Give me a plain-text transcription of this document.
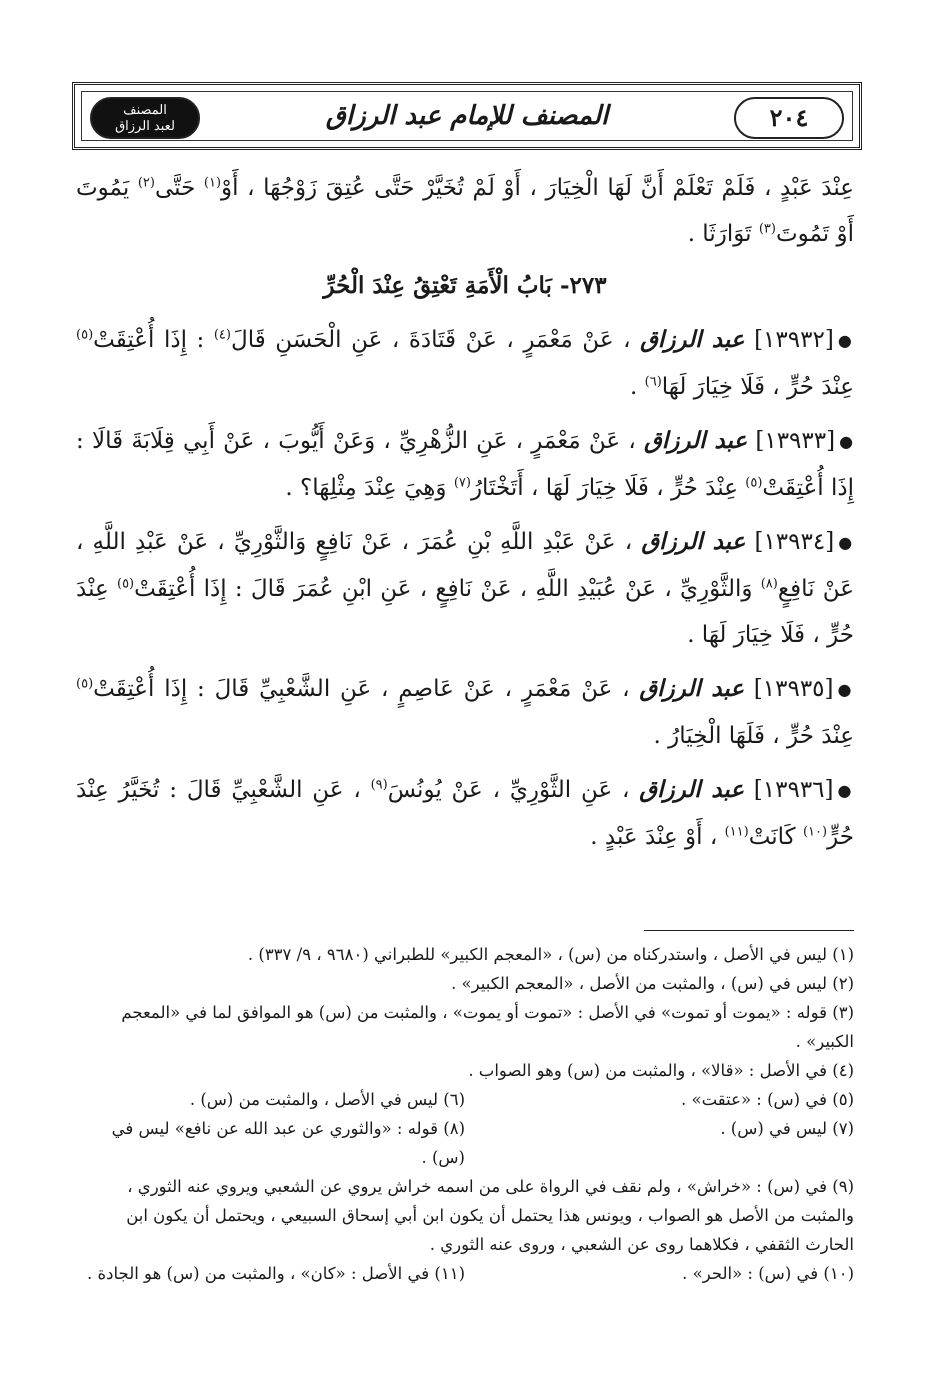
٢٠٤
المصنف للإمام عبد الرزاق
المصنف
لعبد الرزاق

عِنْدَ عَبْدٍ ، فَلَمْ تَعْلَمْ أَنَّ لَهَا الْخِيَارَ ، أَوْ لَمْ تُخَيَّرْ حَتَّى عُتِقَ زَوْجُهَا ، أَوْ$^{(١)}$ حَتَّى$^{(٢)}$ يَمُوتَ أَوْ تَمُوتَ$^{(٣)}$ تَوَارَثَا .

٢٧٣- بَابُ الْأَمَةِ تَعْتِقُ عِنْدَ الْحُرِّ

●[١٣٩٣٢] عبد الرزاق ، عَنْ مَعْمَرٍ ، عَنْ قَتَادَةَ ، عَنِ الْحَسَنِ قَالَ$^{(٤)}$ : إِذَا أُعْتِقَتْ$^{(٥)}$ عِنْدَ حُرٍّ ، فَلَا خِيَارَ لَهَا$^{(٦)}$ .

●[١٣٩٣٣] عبد الرزاق ، عَنْ مَعْمَرٍ ، عَنِ الزُّهْرِيِّ ، وَعَنْ أَيُّوبَ ، عَنْ أَبِي قِلَابَةَ قَالَا : إِذَا أُعْتِقَتْ$^{(٥)}$ عِنْدَ حُرٍّ ، فَلَا خِيَارَ لَهَا ، أَتَخْتَارُ$^{(٧)}$ وَهِيَ عِنْدَ مِثْلِهَا؟ .

●[١٣٩٣٤] عبد الرزاق ، عَنْ عَبْدِ اللَّهِ بْنِ عُمَرَ ، عَنْ نَافِعٍ وَالثَّوْرِيِّ ، عَنْ عَبْدِ اللَّهِ ، عَنْ نَافِعٍ$^{(٨)}$ وَالثَّوْرِيِّ ، عَنْ عُبَيْدِ اللَّهِ ، عَنْ نَافِعٍ ، عَنِ ابْنِ عُمَرَ قَالَ : إِذَا أُعْتِقَتْ$^{(٥)}$ عِنْدَ حُرٍّ ، فَلَا خِيَارَ لَهَا .

●[١٣٩٣٥] عبد الرزاق ، عَنْ مَعْمَرٍ ، عَنْ عَاصِمٍ ، عَنِ الشَّعْبِيِّ قَالَ : إِذَا أُعْتِقَتْ$^{(٥)}$ عِنْدَ حُرٍّ ، فَلَهَا الْخِيَارُ .

●[١٣٩٣٦] عبد الرزاق ، عَنِ الثَّوْرِيِّ ، عَنْ يُونُسَ$^{(٩)}$ ، عَنِ الشَّعْبِيِّ قَالَ : تُخَيَّرُ عِنْدَ حُرٍّ$^{(١٠)}$ كَانَتْ$^{(١١)}$ ، أَوْ عِنْدَ عَبْدٍ .

(١) ليس في الأصل ، واستدركناه من (س) ، «المعجم الكبير» للطبراني (٩٦٨٠ ، ٩/ ٣٣٧) .

(٢) ليس في (س) ، والمثبت من الأصل ، «المعجم الكبير» .

(٣) قوله : «يموت أو تموت» في الأصل : «تموت أو يموت» ، والمثبت من (س) هو الموافق لما في «المعجم الكبير» .

(٤) في الأصل : «قالا» ، والمثبت من (س) وهو الصواب .

(٥) في (س) : «عتقت» .

(٦) ليس في الأصل ، والمثبت من (س) .

(٧) ليس في (س) .

(٨) قوله : «والثوري عن عبد الله عن نافع» ليس في (س) .

(٩) في (س) : «خراش» ، ولم نقف في الرواة على من اسمه خراش يروي عن الشعبي ويروي عنه الثوري ، والمثبت من الأصل هو الصواب ، ويونس هذا يحتمل أن يكون ابن أبي إسحاق السبيعي ، ويحتمل أن يكون ابن الحارث الثقفي ، فكلاهما روى عن الشعبي ، وروى عنه الثوري .

(١٠) في (س) : «الحر» .

(١١) في الأصل : «كان» ، والمثبت من (س) هو الجادة .
